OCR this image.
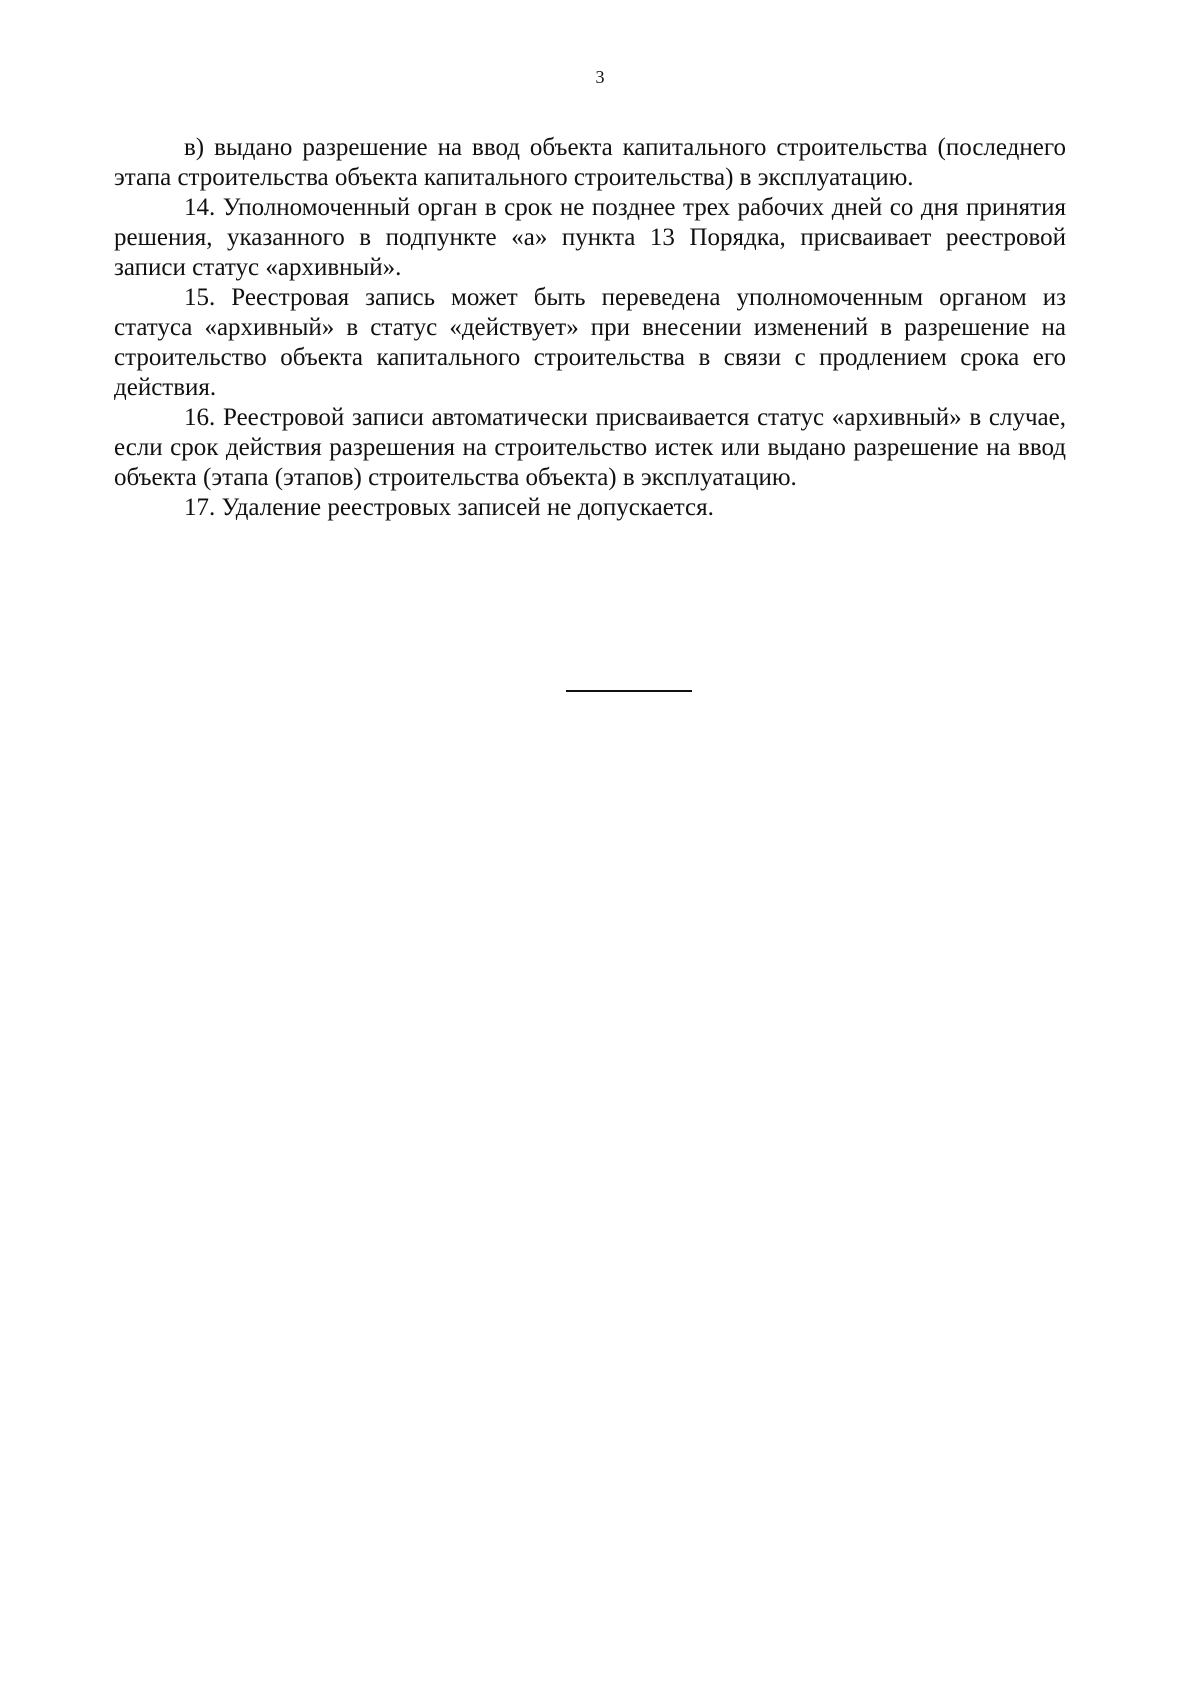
3

в) выдано разрешение на ввод объекта капитального строительства (последнего этапа строительства объекта капитального строительства) в эксплуатацию.

14. Уполномоченный орган в срок не позднее трех рабочих дней со дня принятия решения, указанного в подпункте «а» пункта 13 Порядка, присваивает реестровой записи статус «архивный».

15. Реестровая запись может быть переведена уполномоченным органом из статуса «архивный» в статус «действует» при внесении изменений в разрешение на строительство объекта капитального строительства в связи с продлением срока его действия.

16. Реестровой записи автоматически присваивается статус «архивный» в случае, если срок действия разрешения на строительство истек или выдано разрешение на ввод объекта (этапа (этапов) строительства объекта) в эксплуатацию.

17. Удаление реестровых записей не допускается.
